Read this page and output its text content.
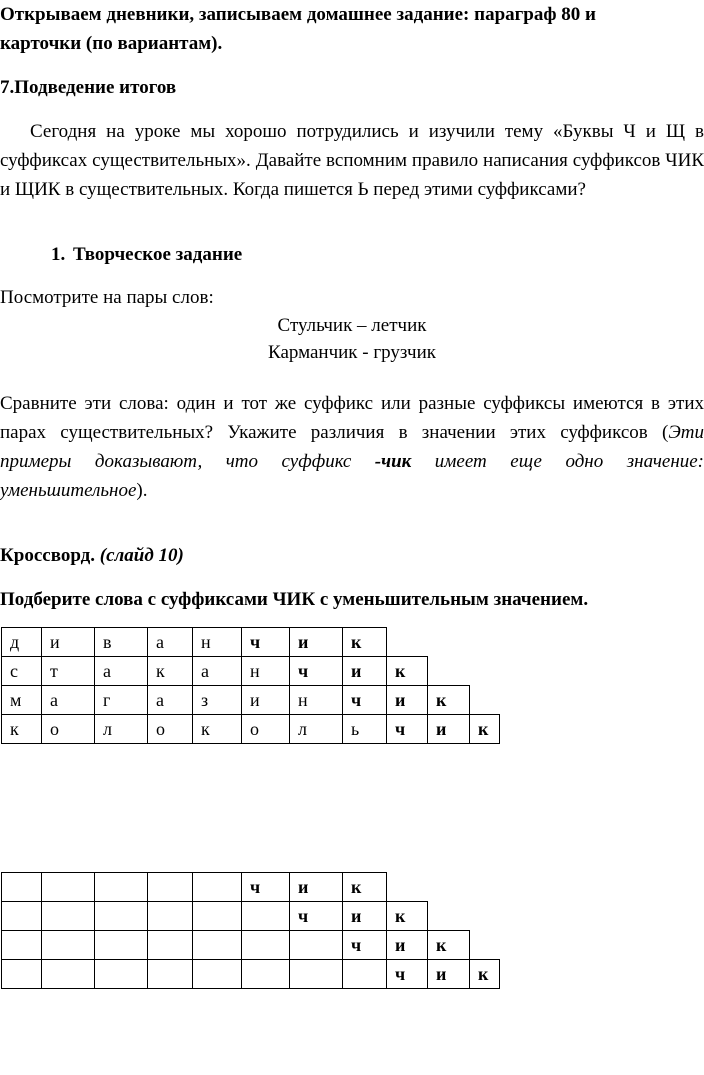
Открываем дневники, записываем домашнее задание: параграф 80 и
карточки (по вариантам).

7.Подведение итогов

Сегодня на уроке мы хорошо потрудились и изучили тему «Буквы Ч и Щ в суффиксах существительных». Давайте вспомним правило написания суффиксов ЧИК и ЩИК в существительных. Когда пишется Ь перед этими суффиксами?

1. Творческое задание

Посмотрите на пары слов:

Стульчик – летчик

Карманчик - грузчик

Сравните эти слова: один и тот же суффикс или разные суффиксы имеются в этих парах существительных? Укажите различия в значении этих суффиксов (Эти примеры доказывают, что суффикс -чик имеет еще одно значение: уменьшительное).

Кроссворд. (слайд 10)

Подберите слова с суффиксами ЧИК с уменьшительным значением.

д	и	в	а	н	ч	и	к			
с	т	а	к	а	н	ч	и	к		
м	а	г	а	з	и	н	ч	и	к	
к	о	л	о	к	о	л	ь	ч	и	к
					ч	и	к			
						ч	и	к		
							ч	и	к	
								ч	и	к
